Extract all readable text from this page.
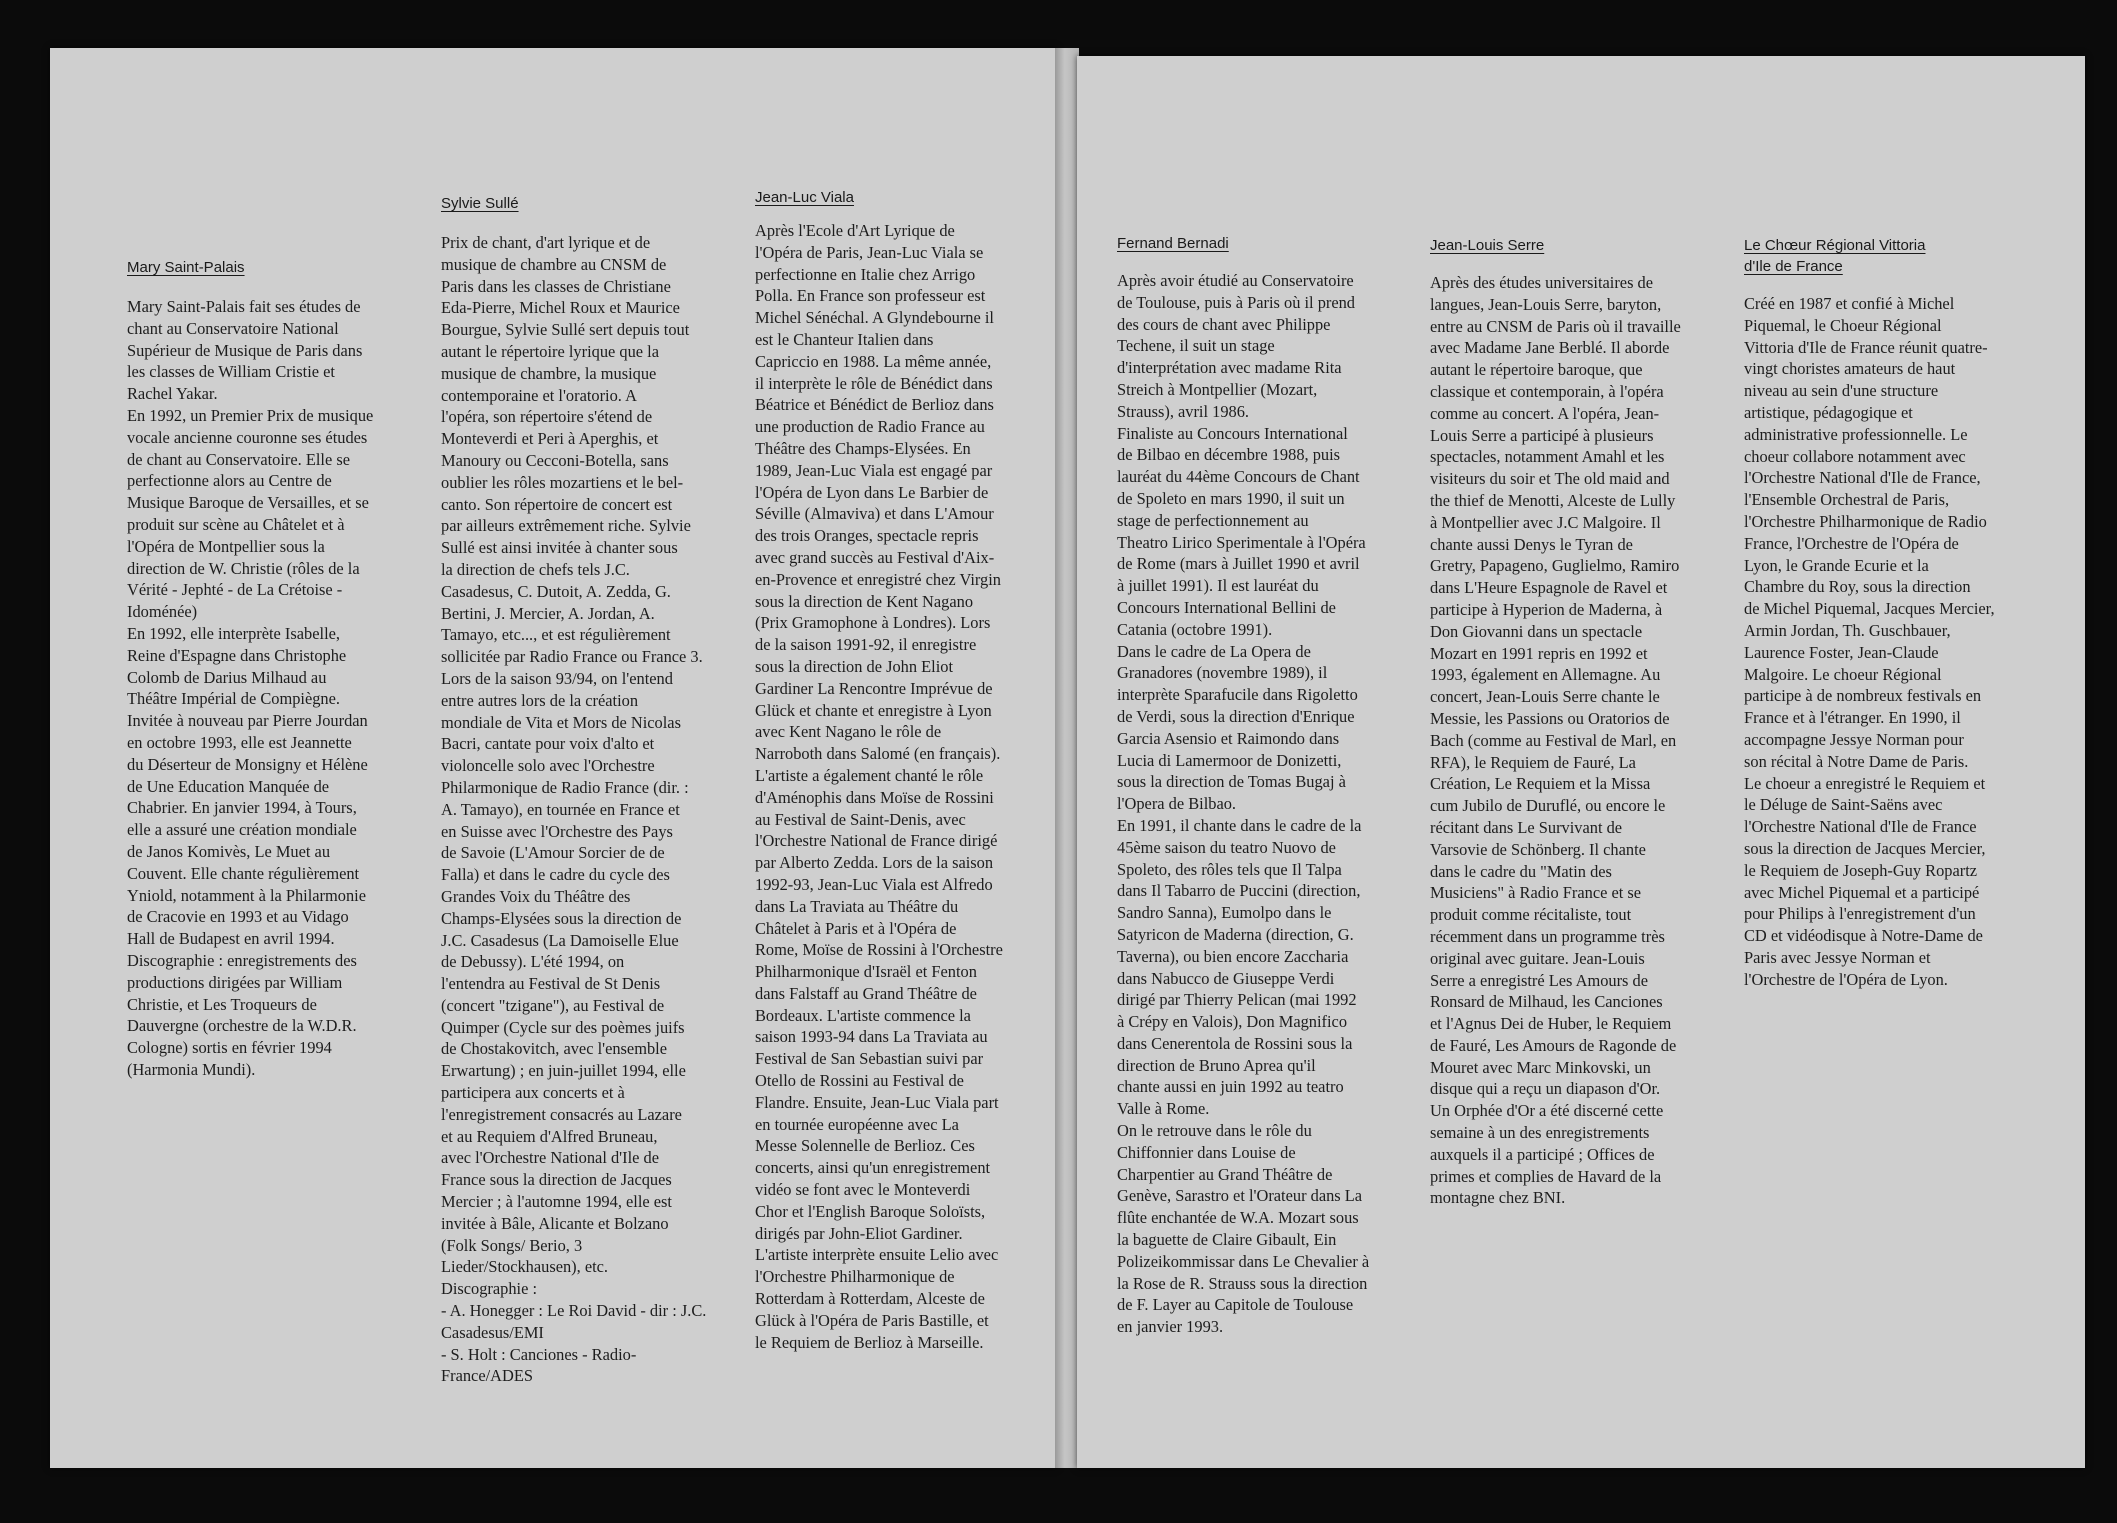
Mary Saint-Palais

Mary Saint-Palais fait ses études de
chant au Conservatoire National
Supérieur de Musique de Paris dans
les classes de William Cristie et
Rachel Yakar.
En 1992, un Premier Prix de musique
vocale ancienne couronne ses études
de chant au Conservatoire. Elle se
perfectionne alors au Centre de
Musique Baroque de Versailles, et se
produit sur scène au Châtelet et à
l'Opéra de Montpellier sous la
direction de W. Christie (rôles de la
Vérité - Jephté - de La Crétoise -
Idoménée)
En 1992, elle interprète Isabelle,
Reine d'Espagne dans Christophe
Colomb de Darius Milhaud au
Théâtre Impérial de Compiègne.
Invitée à nouveau par Pierre Jourdan
en octobre 1993, elle est Jeannette
du Déserteur de Monsigny et Hélène
de Une Education Manquée de
Chabrier. En janvier 1994, à Tours,
elle a assuré une création mondiale
de Janos Komivès, Le Muet au
Couvent. Elle chante régulièrement
Yniold, notamment à la Philarmonie
de Cracovie en 1993 et au Vidago
Hall de Budapest en avril 1994.
Discographie : enregistrements des
productions dirigées par William
Christie, et Les Troqueurs de
Dauvergne (orchestre de la W.D.R.
Cologne) sortis en février 1994
(Harmonia Mundi).

Sylvie Sullé

Prix de chant, d'art lyrique et de
musique de chambre au CNSM de
Paris dans les classes de Christiane
Eda-Pierre, Michel Roux et Maurice
Bourgue, Sylvie Sullé sert depuis tout
autant le répertoire lyrique que la
musique de chambre, la musique
contemporaine et l'oratorio. A
l'opéra, son répertoire s'étend de
Monteverdi et Peri à Aperghis, et
Manoury ou Cecconi-Botella, sans
oublier les rôles mozartiens et le bel-
canto. Son répertoire de concert est
par ailleurs extrêmement riche. Sylvie
Sullé est ainsi invitée à chanter sous
la direction de chefs tels J.C.
Casadesus, C. Dutoit, A. Zedda, G.
Bertini, J. Mercier, A. Jordan, A.
Tamayo, etc..., et est régulièrement
sollicitée par Radio France ou France 3.
Lors de la saison 93/94, on l'entend
entre autres lors de la création
mondiale de Vita et Mors de Nicolas
Bacri, cantate pour voix d'alto et
violoncelle solo avec l'Orchestre
Philarmonique de Radio France (dir. :
A. Tamayo), en tournée en France et
en Suisse avec l'Orchestre des Pays
de Savoie (L'Amour Sorcier de de
Falla) et dans le cadre du cycle des
Grandes Voix du Théâtre des
Champs-Elysées sous la direction de
J.C. Casadesus (La Damoiselle Elue
de Debussy). L'été 1994, on
l'entendra au Festival de St Denis
(concert "tzigane"), au Festival de
Quimper (Cycle sur des poèmes juifs
de Chostakovitch, avec l'ensemble
Erwartung) ; en juin-juillet 1994, elle
participera aux concerts et à
l'enregistrement consacrés au Lazare
et au Requiem d'Alfred Bruneau,
avec l'Orchestre National d'Ile de
France sous la direction de Jacques
Mercier ; à l'automne 1994, elle est
invitée à Bâle, Alicante et Bolzano
(Folk Songs/ Berio, 3
Lieder/Stockhausen), etc.
Discographie :
- A. Honegger : Le Roi David - dir : J.C.
Casadesus/EMI
- S. Holt : Canciones - Radio-France/ADES

Jean-Luc Viala

Après l'Ecole d'Art Lyrique de
l'Opéra de Paris, Jean-Luc Viala se
perfectionne en Italie chez Arrigo
Polla. En France son professeur est
Michel Sénéchal. A Glyndebourne il
est le Chanteur Italien dans
Capriccio en 1988. La même année,
il interprète le rôle de Bénédict dans
Béatrice et Bénédict de Berlioz dans
une production de Radio France au
Théâtre des Champs-Elysées. En
1989, Jean-Luc Viala est engagé par
l'Opéra de Lyon dans Le Barbier de
Séville (Almaviva) et dans L'Amour
des trois Oranges, spectacle repris
avec grand succès au Festival d'Aix-
en-Provence et enregistré chez Virgin
sous la direction de Kent Nagano
(Prix Gramophone à Londres). Lors
de la saison 1991-92, il enregistre
sous la direction de John Eliot
Gardiner La Rencontre Imprévue de
Glück et chante et enregistre à Lyon
avec Kent Nagano le rôle de
Narroboth dans Salomé (en français).
L'artiste a également chanté le rôle
d'Aménophis dans Moïse de Rossini
au Festival de Saint-Denis, avec
l'Orchestre National de France dirigé
par Alberto Zedda. Lors de la saison
1992-93, Jean-Luc Viala est Alfredo
dans La Traviata au Théâtre du
Châtelet à Paris et à l'Opéra de
Rome, Moïse de Rossini à l'Orchestre
Philharmonique d'Israël et Fenton
dans Falstaff au Grand Théâtre de
Bordeaux. L'artiste commence la
saison 1993-94 dans La Traviata au
Festival de San Sebastian suivi par
Otello de Rossini au Festival de
Flandre. Ensuite, Jean-Luc Viala part
en tournée européenne avec La
Messe Solennelle de Berlioz. Ces
concerts, ainsi qu'un enregistrement
vidéo se font avec le Monteverdi
Chor et l'English Baroque Soloïsts,
dirigés par John-Eliot Gardiner.
L'artiste interprète ensuite Lelio avec
l'Orchestre Philharmonique de
Rotterdam à Rotterdam, Alceste de
Glück à l'Opéra de Paris Bastille, et
le Requiem de Berlioz à Marseille.

Fernand Bernadi

Après avoir étudié au Conservatoire
de Toulouse, puis à Paris où il prend
des cours de chant avec Philippe
Techene, il suit un stage
d'interprétation avec madame Rita
Streich à Montpellier (Mozart,
Strauss), avril 1986.
Finaliste au Concours International
de Bilbao en décembre 1988, puis
lauréat du 44ème Concours de Chant
de Spoleto en mars 1990, il suit un
stage de perfectionnement au
Theatro Lirico Sperimentale à l'Opéra
de Rome (mars à Juillet 1990 et avril
à juillet 1991). Il est lauréat du
Concours International Bellini de
Catania (octobre 1991).
Dans le cadre de La Opera de
Granadores (novembre 1989), il
interprète Sparafucile dans Rigoletto
de Verdi, sous la direction d'Enrique
Garcia Asensio et Raimondo dans
Lucia di Lamermoor de Donizetti,
sous la direction de Tomas Bugaj à
l'Opera de Bilbao.
En 1991, il chante dans le cadre de la
45ème saison du teatro Nuovo de
Spoleto, des rôles tels que Il Talpa
dans Il Tabarro de Puccini (direction,
Sandro Sanna), Eumolpo dans le
Satyricon de Maderna (direction, G.
Taverna), ou bien encore Zaccharia
dans Nabucco de Giuseppe Verdi
dirigé par Thierry Pelican (mai 1992
à Crépy en Valois), Don Magnifico
dans Cenerentola de Rossini sous la
direction de Bruno Aprea qu'il
chante aussi en juin 1992 au teatro
Valle à Rome.
On le retrouve dans le rôle du
Chiffonnier dans Louise de
Charpentier au Grand Théâtre de
Genève, Sarastro et l'Orateur dans La
flûte enchantée de W.A. Mozart sous
la baguette de Claire Gibault, Ein
Polizeikommissar dans Le Chevalier à
la Rose de R. Strauss sous la direction
de F. Layer au Capitole de Toulouse
en janvier 1993.

Jean-Louis Serre

Après des études universitaires de
langues, Jean-Louis Serre, baryton,
entre au CNSM de Paris où il travaille
avec Madame Jane Berblé. Il aborde
autant le répertoire baroque, que
classique et contemporain, à l'opéra
comme au concert. A l'opéra, Jean-
Louis Serre a participé à plusieurs
spectacles, notamment Amahl et les
visiteurs du soir et The old maid and
the thief de Menotti, Alceste de Lully
à Montpellier avec J.C Malgoire. Il
chante aussi Denys le Tyran de
Gretry, Papageno, Guglielmo, Ramiro
dans L'Heure Espagnole de Ravel et
participe à Hyperion de Maderna, à
Don Giovanni dans un spectacle
Mozart en 1991 repris en 1992 et
1993, également en Allemagne. Au
concert, Jean-Louis Serre chante le
Messie, les Passions ou Oratorios de
Bach (comme au Festival de Marl, en
RFA), le Requiem de Fauré, La
Création, Le Requiem et la Missa
cum Jubilo de Duruflé, ou encore le
récitant dans Le Survivant de
Varsovie de Schönberg. Il chante
dans le cadre du "Matin des
Musiciens" à Radio France et se
produit comme récitaliste, tout
récemment dans un programme très
original avec guitare. Jean-Louis
Serre a enregistré Les Amours de
Ronsard de Milhaud, les Canciones
et l'Agnus Dei de Huber, le Requiem
de Fauré, Les Amours de Ragonde de
Mouret avec Marc Minkovski, un
disque qui a reçu un diapason d'Or.
Un Orphée d'Or a été discerné cette
semaine à un des enregistrements
auxquels il a participé ; Offices de
primes et complies de Havard de la
montagne chez BNI.

Le Chœur Régional Vittoria
d'Ile de France

Créé en 1987 et confié à Michel
Piquemal, le Choeur Régional
Vittoria d'Ile de France réunit quatre-
vingt choristes amateurs de haut
niveau au sein d'une structure
artistique, pédagogique et
administrative professionnelle. Le
choeur collabore notamment avec
l'Orchestre National d'Ile de France,
l'Ensemble Orchestral de Paris,
l'Orchestre Philharmonique de Radio
France, l'Orchestre de l'Opéra de
Lyon, le Grande Ecurie et la
Chambre du Roy, sous la direction
de Michel Piquemal, Jacques Mercier,
Armin Jordan, Th. Guschbauer,
Laurence Foster, Jean-Claude
Malgoire. Le choeur Régional
participe à de nombreux festivals en
France et à l'étranger. En 1990, il
accompagne Jessye Norman pour
son récital à Notre Dame de Paris.
Le choeur a enregistré le Requiem et
le Déluge de Saint-Saëns avec
l'Orchestre National d'Ile de France
sous la direction de Jacques Mercier,
le Requiem de Joseph-Guy Ropartz
avec Michel Piquemal et a participé
pour Philips à l'enregistrement d'un
CD et vidéodisque à Notre-Dame de
Paris avec Jessye Norman et
l'Orchestre de l'Opéra de Lyon.
